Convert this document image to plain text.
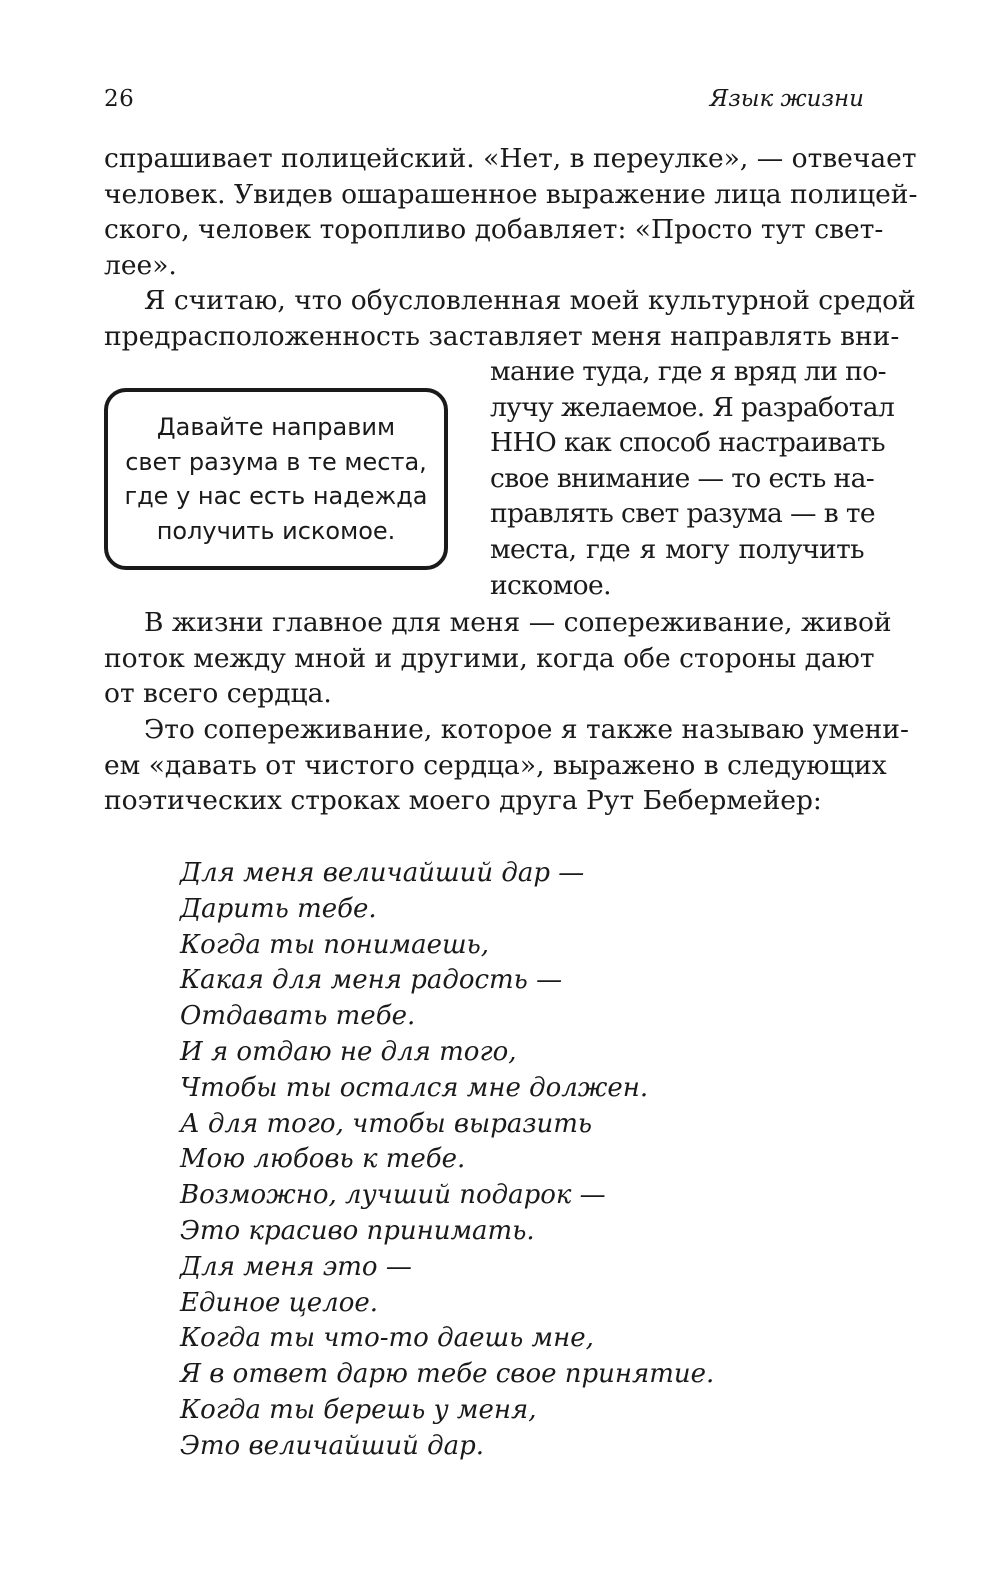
26	Язык жизни
спрашивает полицейский. «Нет, в переулке», — отвечает
человек. Увидев ошарашенное выражение лица полицей-
ского, человек торопливо добавляет: «Просто тут свет-
лее».
Я считаю, что обусловленная моей культурной средой
предрасположенность заставляет меня направлять вни-
мание туда, где я вряд ли по-
лучу желаемое. Я разработал
ННО как способ настраивать
свое внимание — то есть на-
правлять свет разума — в те
места, где я могу получить
искомое.
Давайте направим
свет разума в те места,
где у нас есть надежда
получить искомое.
В жизни главное для меня — сопереживание, живой
поток между мной и другими, когда обе стороны дают
от всего сердца.
Это сопереживание, которое я также называю умени-
ем «давать от чистого сердца», выражено в следующих
поэтических строках моего друга Рут Бебермейер:
Для меня величайший дар —
Дарить тебе.
Когда ты понимаешь,
Какая для меня радость —
Отдавать тебе.
И я отдаю не для того,
Чтобы ты остался мне должен.
А для того, чтобы выразить
Мою любовь к тебе.
Возможно, лучший подарок —
Это красиво принимать.
Для меня это —
Единое целое.
Когда ты что-то даешь мне,
Я в ответ дарю тебе свое принятие.
Когда ты берешь у меня,
Это величайший дар.
